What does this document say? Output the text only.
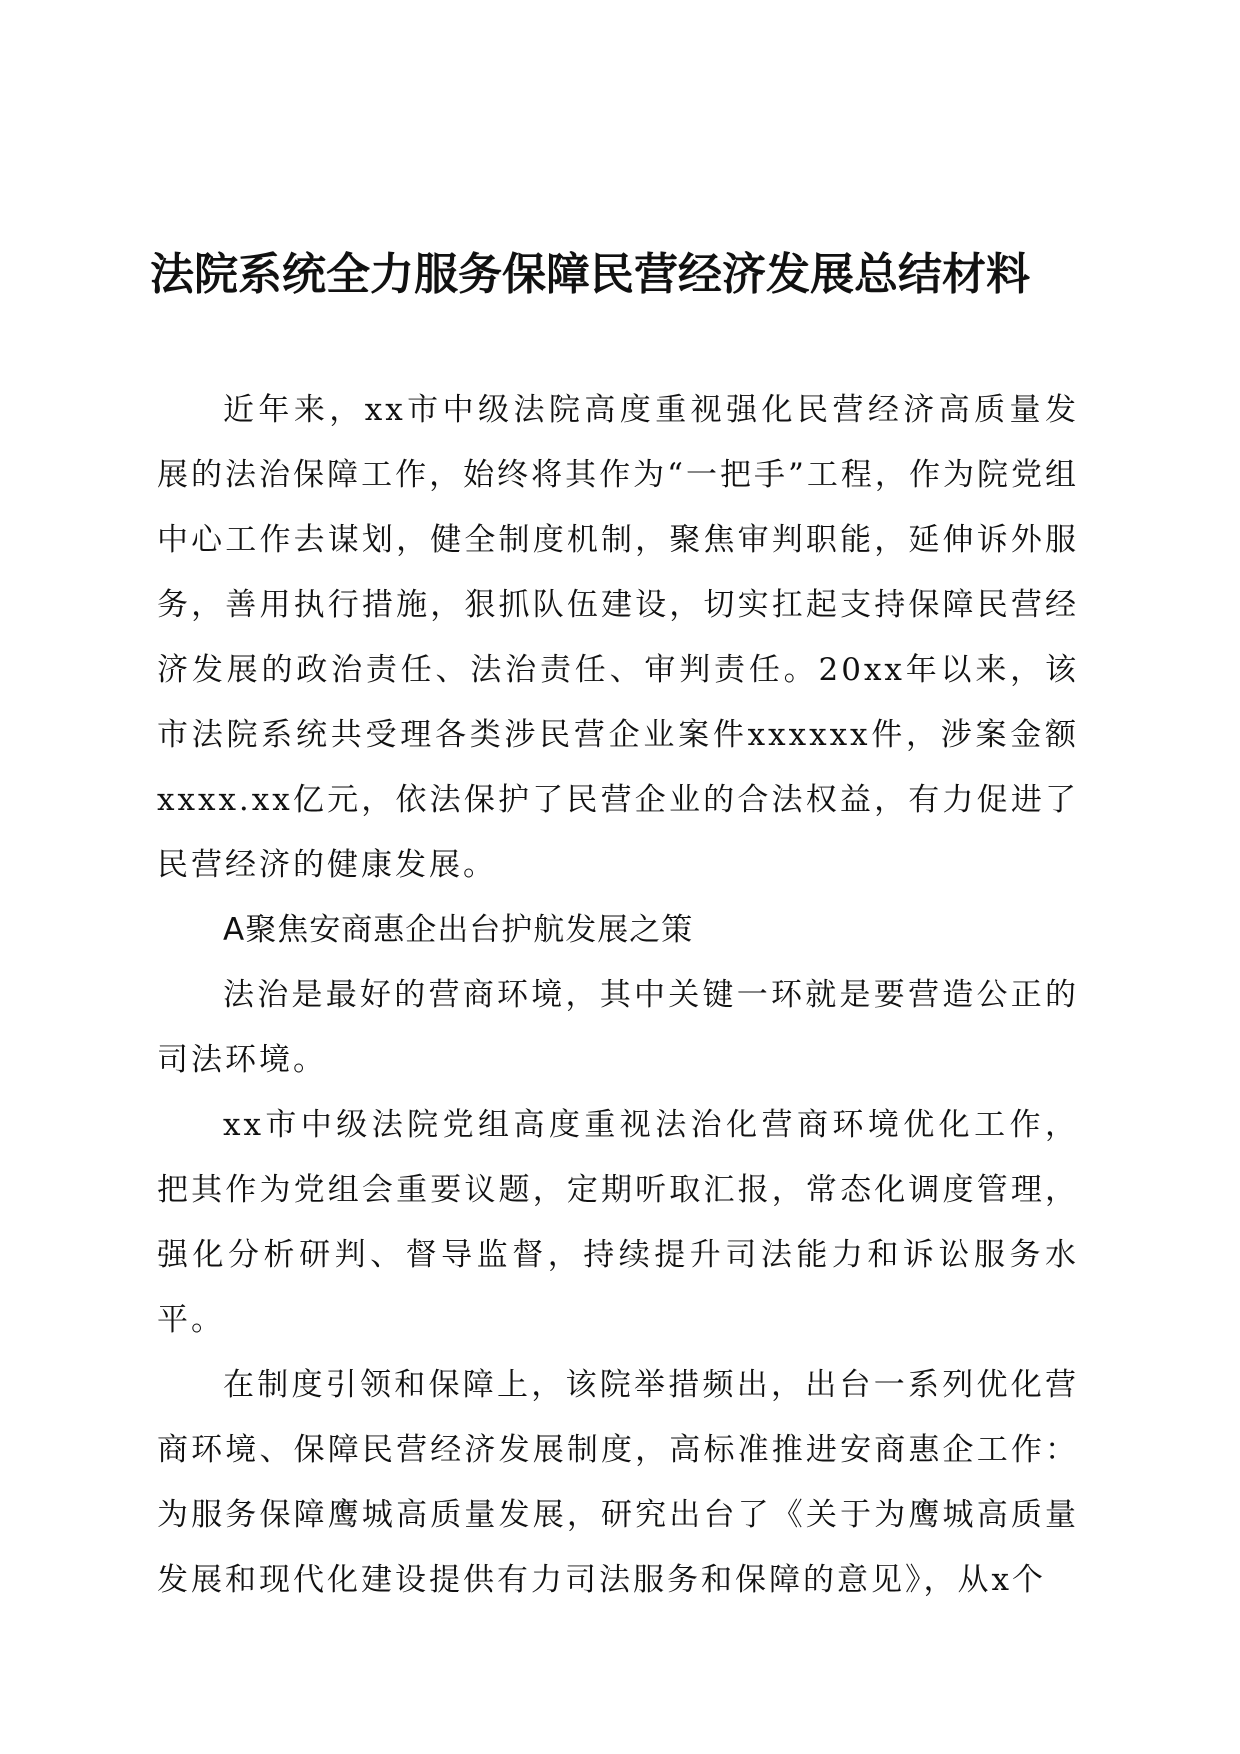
法院系统全力服务保障民营经济发展总结材料

近年来，xx市中级法院高度重视强化民营经济高质量发展的法治保障工作，始终将其作为“一把手”工程，作为院党组中心工作去谋划，健全制度机制，聚焦审判职能，延伸诉外服务，善用执行措施，狠抓队伍建设，切实扛起支持保障民营经济发展的政治责任、法治责任、审判责任。20xx年以来，该市法院系统共受理各类涉民营企业案件xxxxxx件，涉案金额xxxx.xx亿元，依法保护了民营企业的合法权益，有力促进了民营经济的健康发展。

A聚焦安商惠企出台护航发展之策

法治是最好的营商环境，其中关键一环就是要营造公正的司法环境。

xx市中级法院党组高度重视法治化营商环境优化工作，把其作为党组会重要议题，定期听取汇报，常态化调度管理，强化分析研判、督导监督，持续提升司法能力和诉讼服务水平。

在制度引领和保障上，该院举措频出，出台一系列优化营商环境、保障民营经济发展制度，高标准推进安商惠企工作：为服务保障鹰城高质量发展，研究出台了《关于为鹰城高质量发展和现代化建设提供有力司法服务和保障的意见》，从x个
